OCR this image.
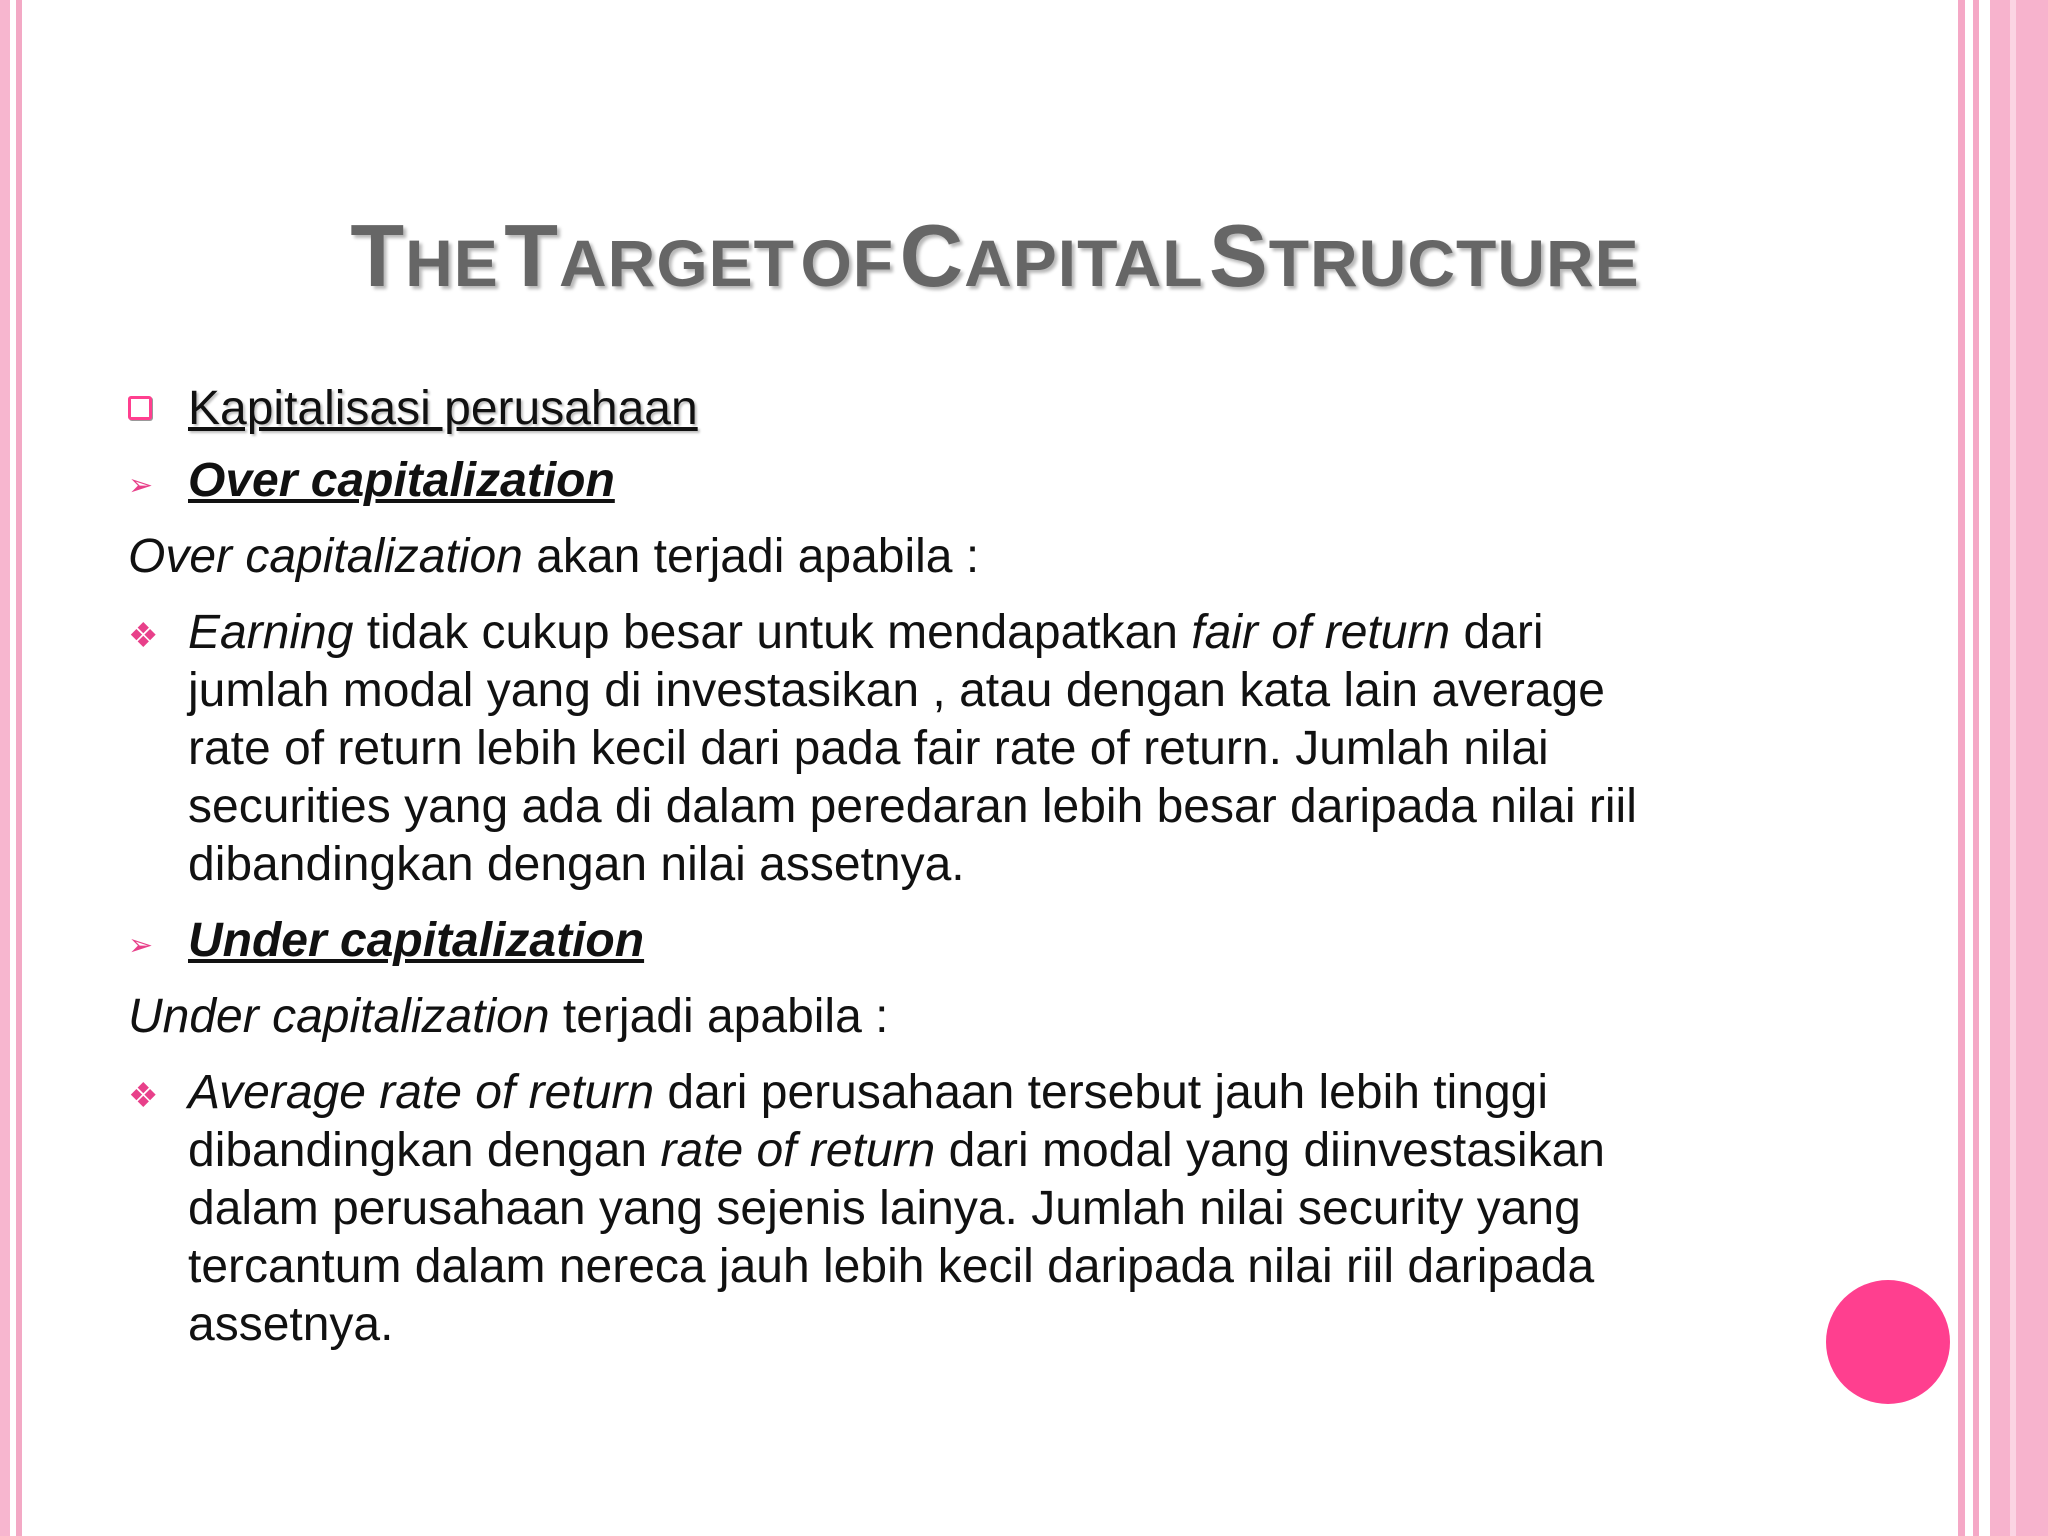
THE TARGET OF CAPITAL STRUCTURE
Kapitalisasi perusahaan
➢ Over capitalization
Over capitalization akan terjadi apabila :
❖ Earning tidak cukup besar untuk mendapatkan fair of return dari
jumlah modal yang di investasikan , atau dengan kata lain average
rate of return lebih kecil dari pada fair rate of return. Jumlah nilai
securities yang ada di dalam peredaran lebih besar daripada nilai riil
dibandingkan dengan nilai assetnya.
➢ Under capitalization
Under capitalization terjadi apabila :
❖ Average rate of return dari perusahaan tersebut jauh lebih tinggi
dibandingkan dengan rate of return dari modal yang diinvestasikan
dalam perusahaan yang sejenis lainya. Jumlah nilai security yang
tercantum dalam nereca jauh lebih kecil daripada nilai riil daripada
assetnya.
